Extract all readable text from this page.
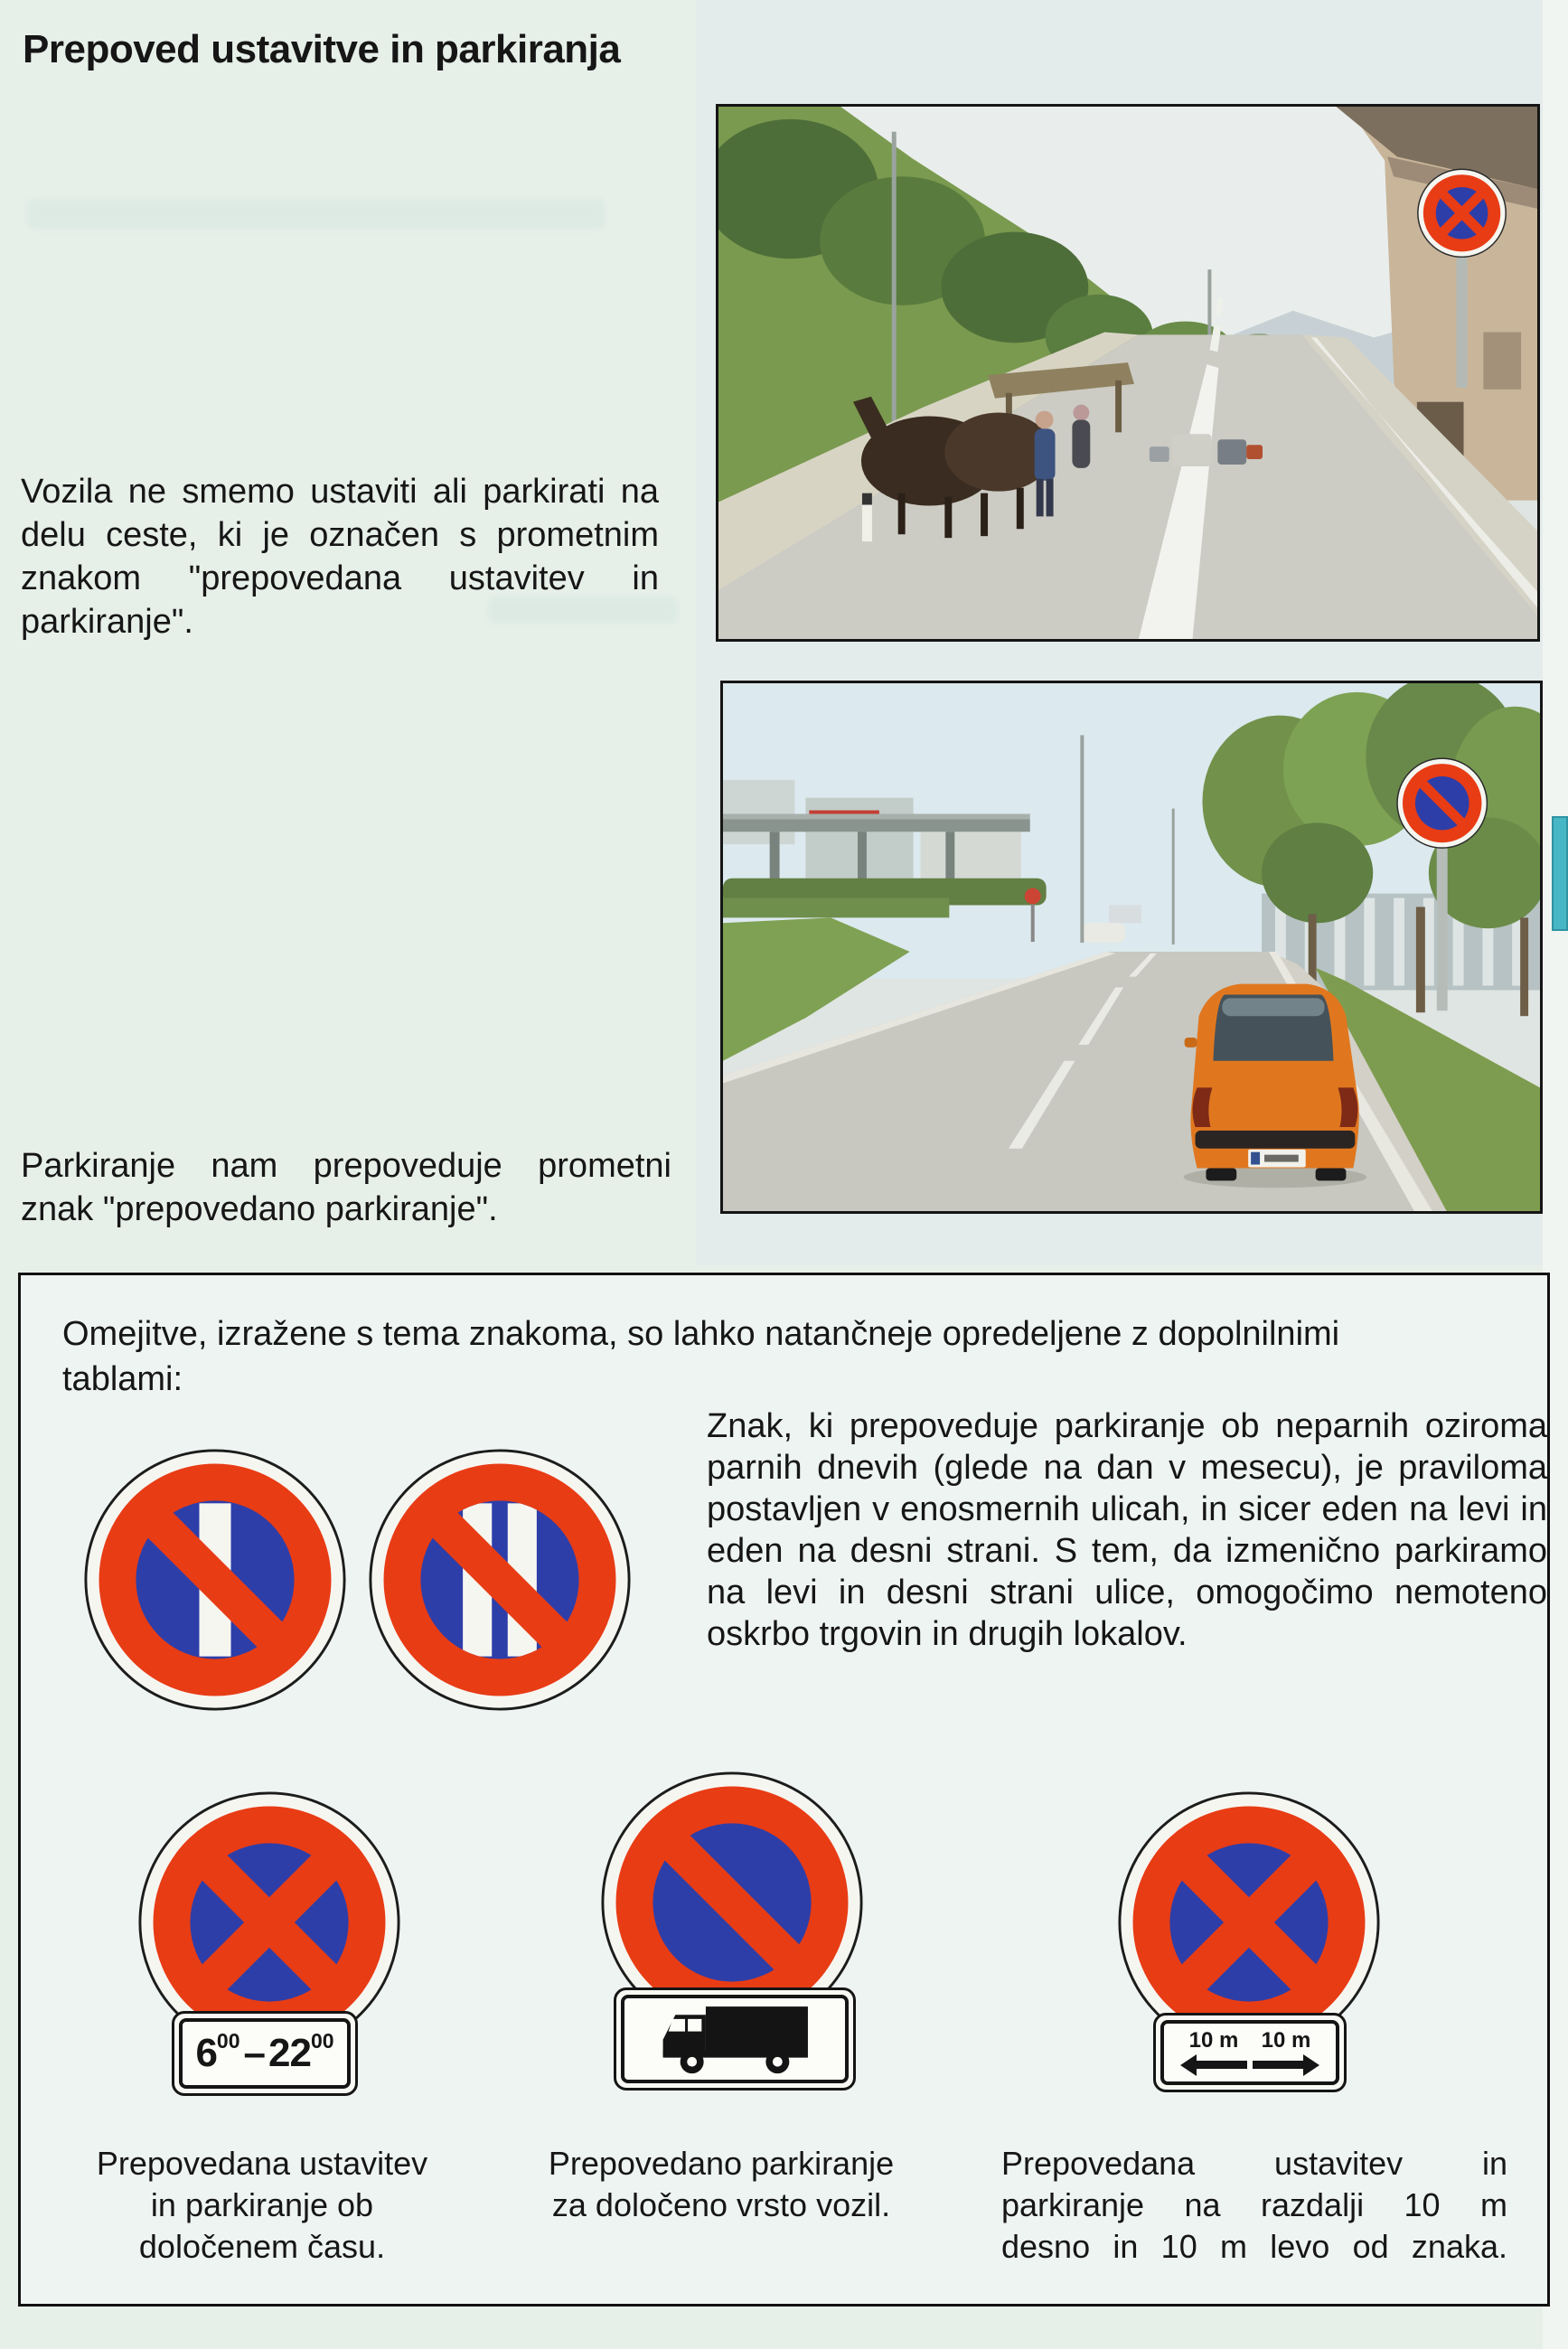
Prepoved ustavitve in parkiranja
Vozila ne smemo ustaviti ali parkirati na delu ceste, ki je označen s prometnim znakom "prepovedana ustavitev in parkiranje".
Parkiranje nam prepoveduje prometni znak "prepovedano parkiranje".
Omejitve, izražene s tema znakoma, so lahko natančneje opredeljene z dopolnilnimi tablami:
Znak, ki prepoveduje parkiranje ob neparnih oziroma parnih dnevih (glede na dan v mesecu), je praviloma postavljen v enosmernih ulicah, in sicer eden na levi in eden na desni strani. S tem, da izmenično parkiramo na levi in desni strani ulice, omogočimo nemoteno oskrbo trgovin in drugih lokalov.
$6^{00}-22^{00}$	10 m 10 m
Prepovedana ustavitev
in parkiranje ob
določenem času.
Prepovedano parkiranje
za določeno vrsto vozil.
Prepovedana ustavitev in
parkiranje na razdalji 10 m
desno in 10 m levo od znaka.
